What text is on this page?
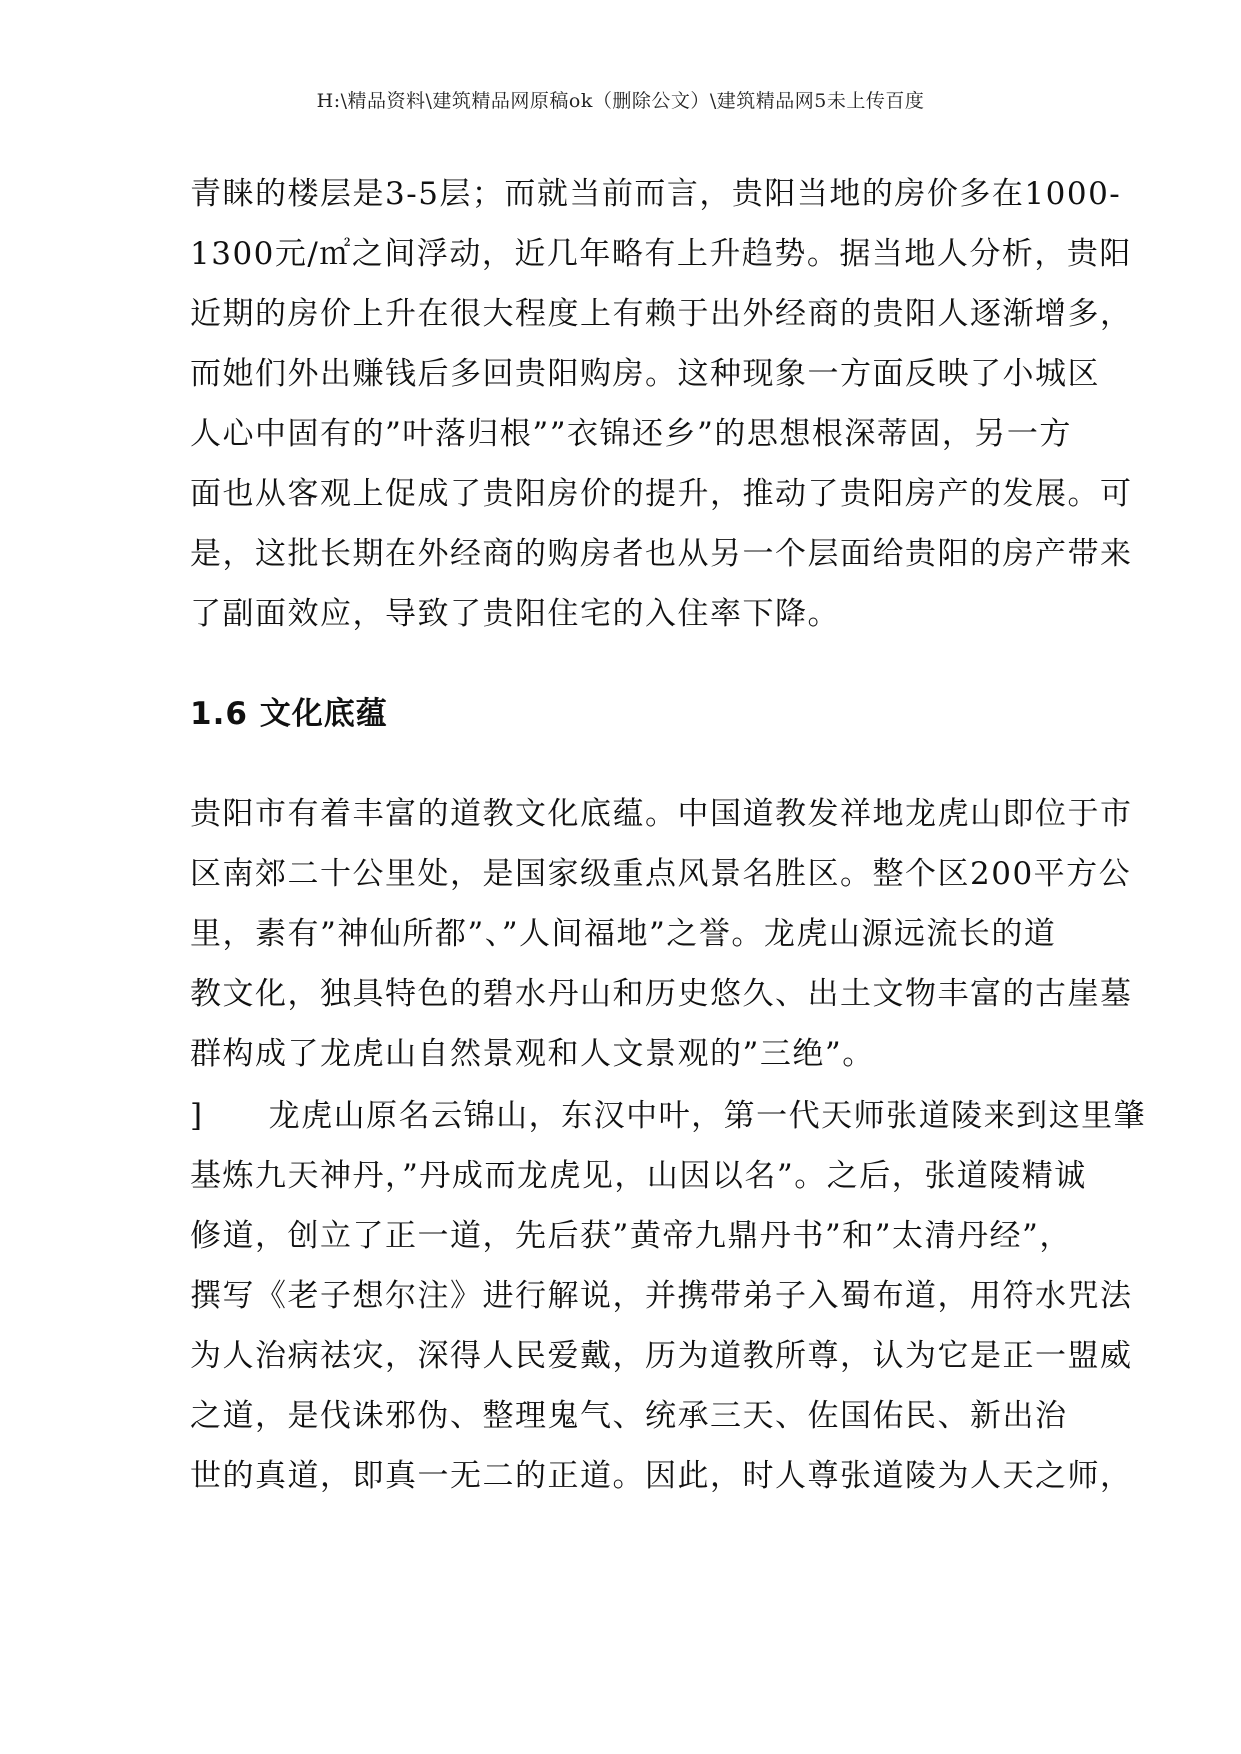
H:\精品资料\建筑精品网原稿ok（删除公文）\建筑精品网5未上传百度
青睐的楼层是3-5层；而就当前而言，贵阳当地的房价多在1000-
1300元/㎡之间浮动，近几年略有上升趋势。据当地人分析，贵阳
近期的房价上升在很大程度上有赖于出外经商的贵阳人逐渐增多，
而她们外出赚钱后多回贵阳购房。这种现象一方面反映了小城区
人心中固有的”叶落归根””衣锦还乡”的思想根深蒂固，另一方
面也从客观上促成了贵阳房价的提升，推动了贵阳房产的发展。可
是，这批长期在外经商的购房者也从另一个层面给贵阳的房产带来
了副面效应，导致了贵阳住宅的入住率下降。
1.6 文化底蕴
贵阳市有着丰富的道教文化底蕴。中国道教发祥地龙虎山即位于市
区南郊二十公里处，是国家级重点风景名胜区。整个区200平方公
里，素有”神仙所都”、”人间福地”之誉。龙虎山源远流长的道
教文化，独具特色的碧水丹山和历史悠久、出土文物丰富的古崖墓
群构成了龙虎山自然景观和人文景观的”三绝”。
]　　龙虎山原名云锦山，东汉中叶，第一代天师张道陵来到这里肇
基炼九天神丹，”丹成而龙虎见，山因以名”。之后，张道陵精诚
修道，创立了正一道，先后获”黄帝九鼎丹书”和”太清丹经”，
撰写《老子想尔注》进行解说，并携带弟子入蜀布道，用符水咒法
为人治病祛灾，深得人民爱戴，历为道教所尊，认为它是正一盟威
之道，是伐诛邪伪、整理鬼气、统承三天、佐国佑民、新出治
世的真道，即真一无二的正道。因此，时人尊张道陵为人天之师，
